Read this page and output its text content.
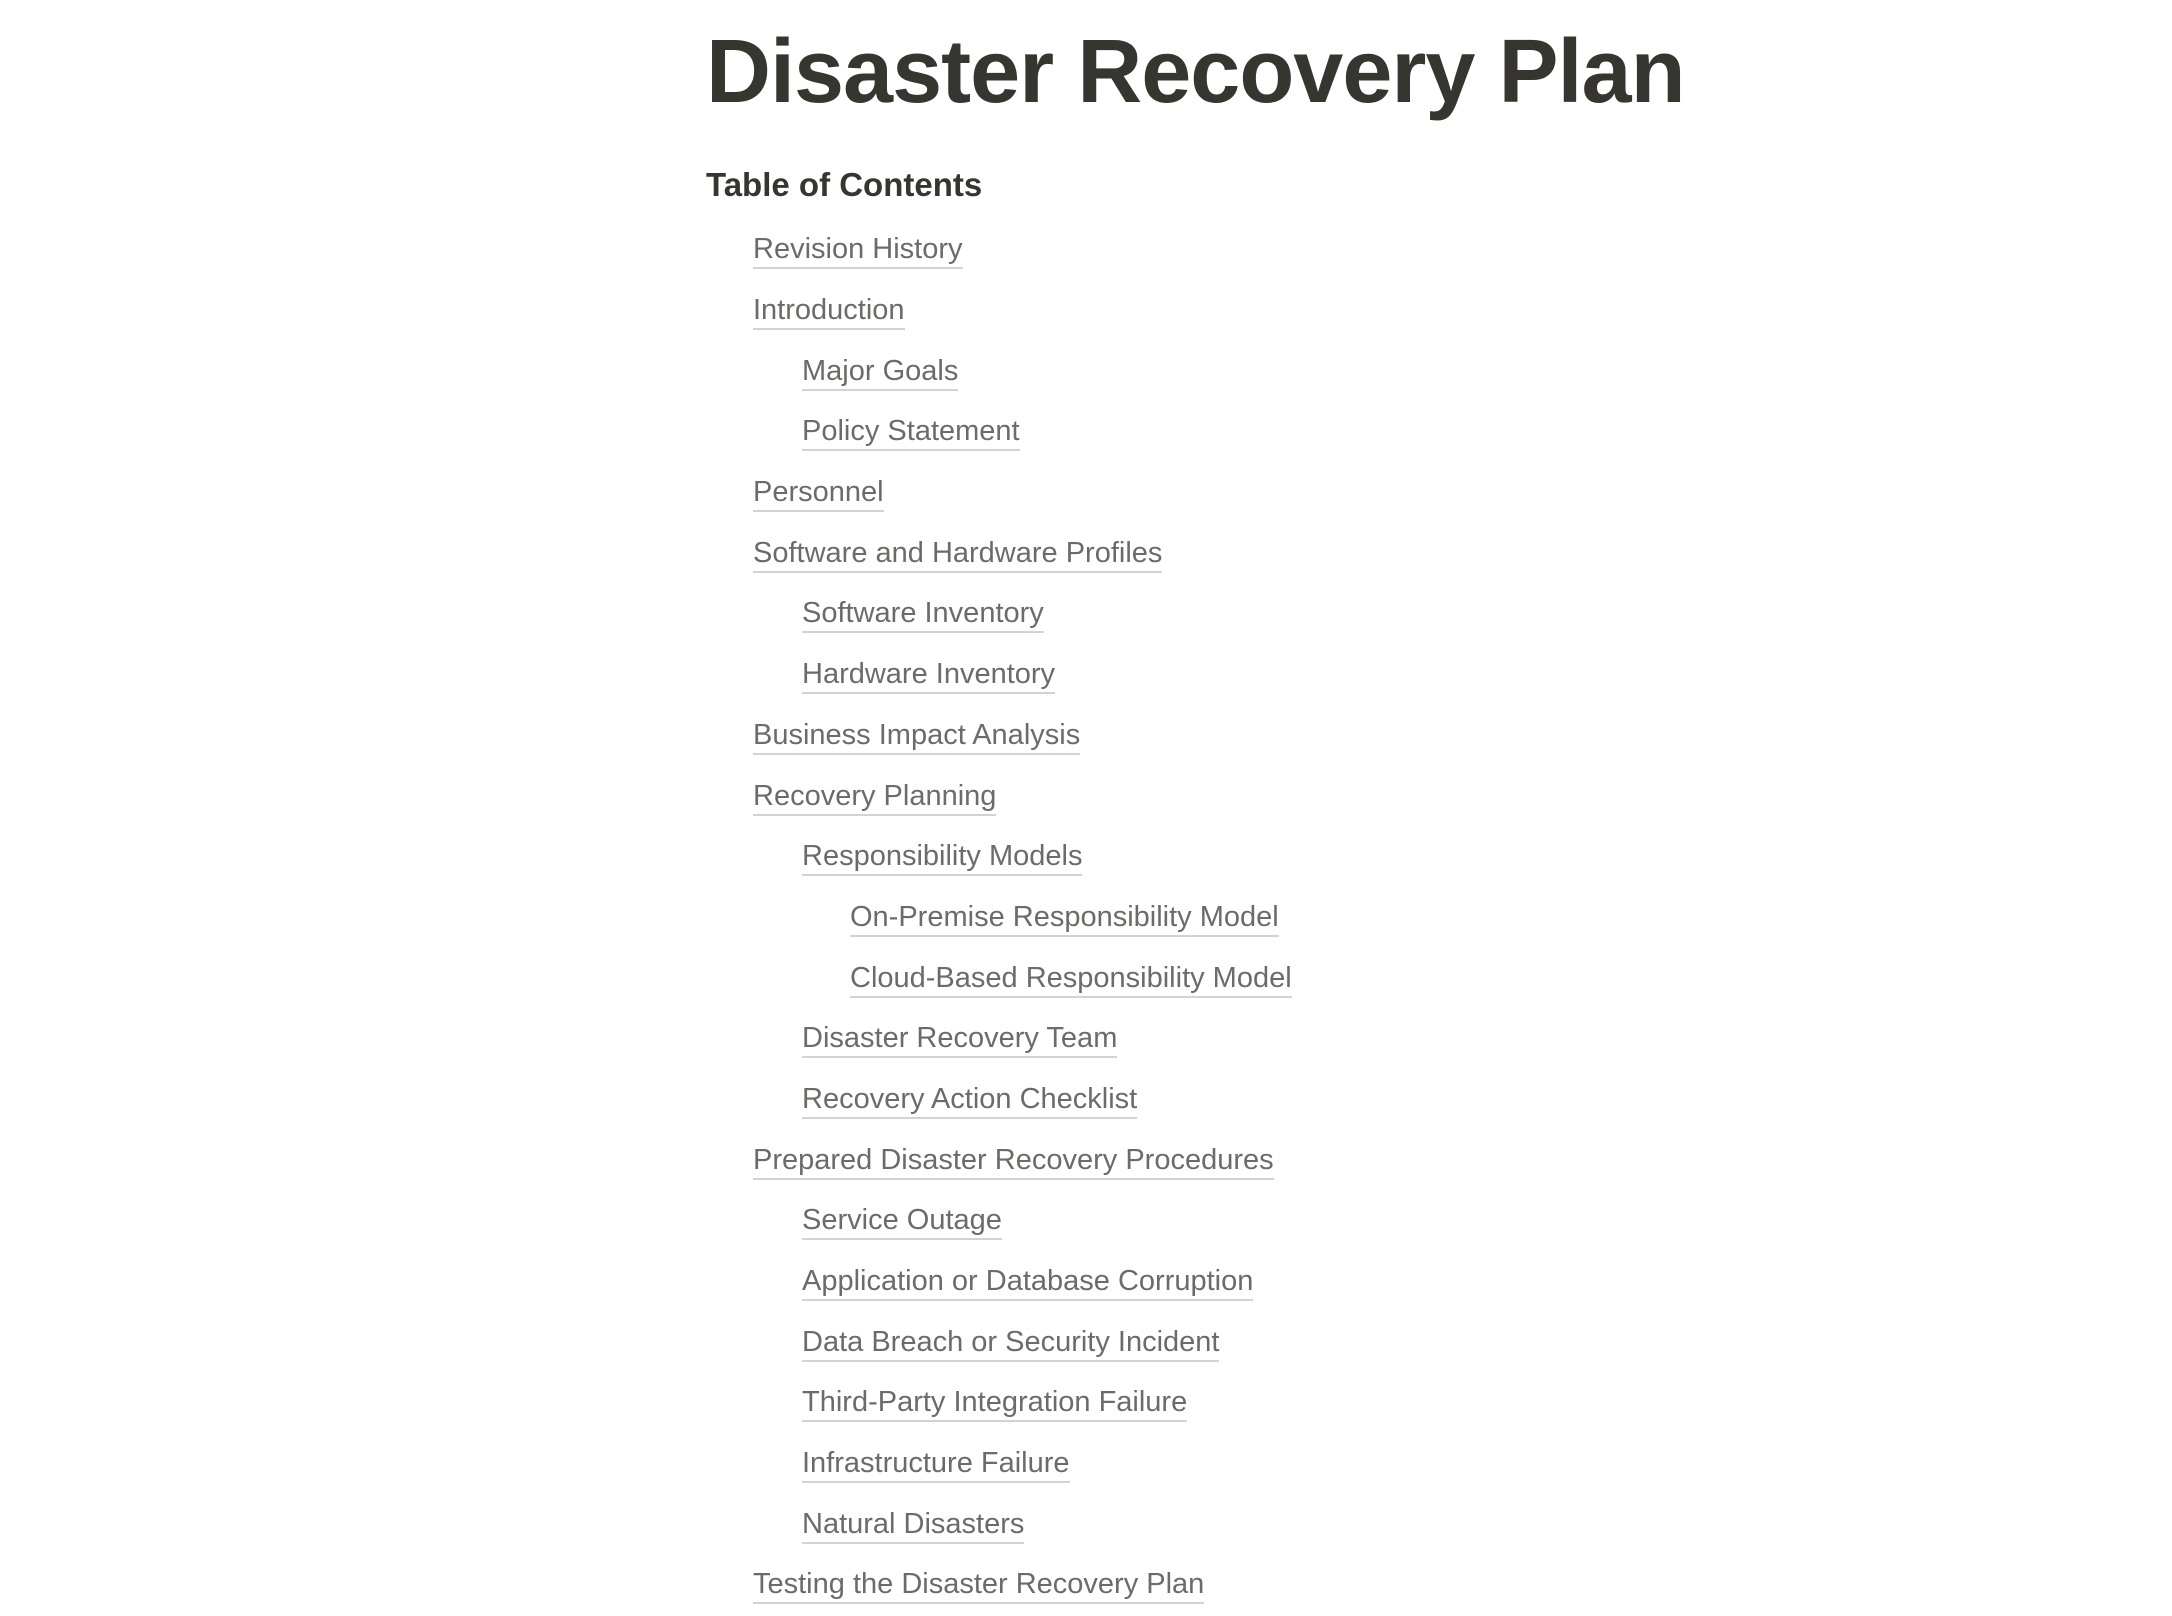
Disaster Recovery Plan
Table of Contents
Revision History
Introduction
Major Goals
Policy Statement
Personnel
Software and Hardware Profiles
Software Inventory
Hardware Inventory
Business Impact Analysis
Recovery Planning
Responsibility Models
On-Premise Responsibility Model
Cloud-Based Responsibility Model
Disaster Recovery Team
Recovery Action Checklist
Prepared Disaster Recovery Procedures
Service Outage
Application or Database Corruption
Data Breach or Security Incident
Third-Party Integration Failure
Infrastructure Failure
Natural Disasters
Testing the Disaster Recovery Plan
